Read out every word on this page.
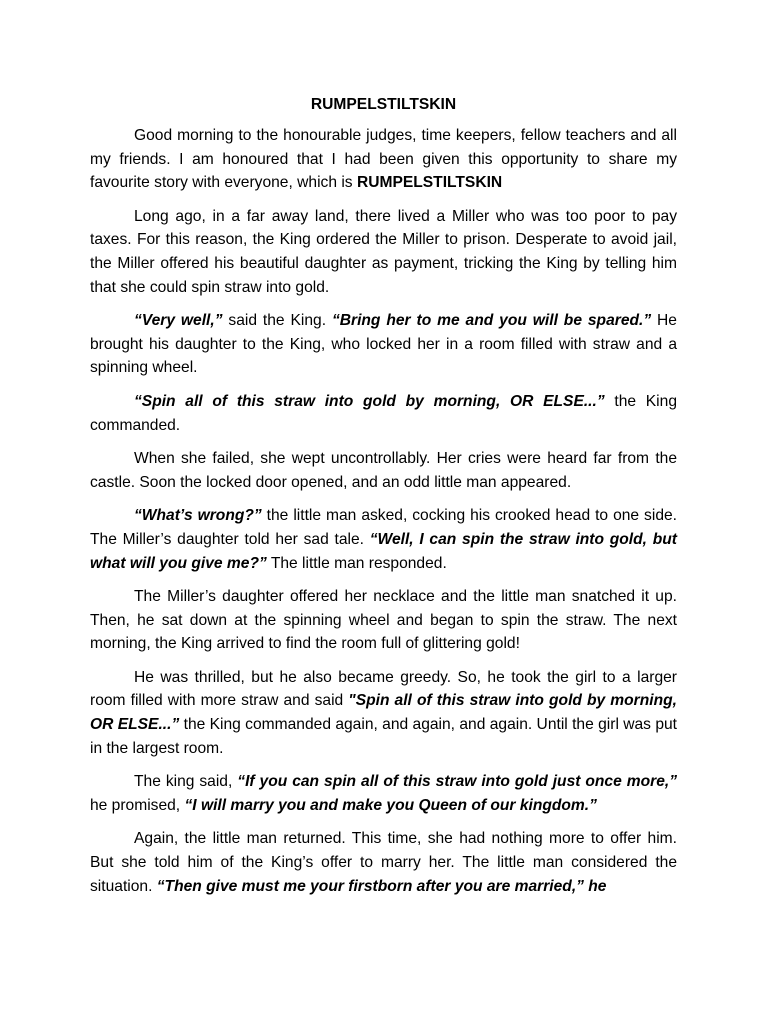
RUMPELSTILTSKIN

Good morning to the honourable judges, time keepers, fellow teachers and all my friends. I am honoured that I had been given this opportunity to share my favourite story with everyone, which is RUMPELSTILTSKIN

Long ago, in a far away land, there lived a Miller who was too poor to pay taxes. For this reason, the King ordered the Miller to prison. Desperate to avoid jail, the Miller offered his beautiful daughter as payment, tricking the King by telling him that she could spin straw into gold.

“Very well,” said the King. “Bring her to me and you will be spared.” He brought his daughter to the King, who locked her in a room filled with straw and a spinning wheel.

“Spin all of this straw into gold by morning, OR ELSE...” the King commanded.

When she failed, she wept uncontrollably. Her cries were heard far from the castle. Soon the locked door opened, and an odd little man appeared.

“What’s wrong?” the little man asked, cocking his crooked head to one side. The Miller’s daughter told her sad tale. “Well, I can spin the straw into gold, but what will you give me?” The little man responded.

The Miller’s daughter offered her necklace and the little man snatched it up. Then, he sat down at the spinning wheel and began to spin the straw. The next morning, the King arrived to find the room full of glittering gold!

He was thrilled, but he also became greedy. So, he took the girl to a larger room filled with more straw and said "Spin all of this straw into gold by morning, OR ELSE...” the King commanded again, and again, and again. Until the girl was put in the largest room.

The king said, “If you can spin all of this straw into gold just once more,” he promised, “I will marry you and make you Queen of our kingdom.”

Again, the little man returned. This time, she had nothing more to offer him. But she told him of the King’s offer to marry her. The little man considered the situation. “Then give must me your firstborn after you are married,” he
